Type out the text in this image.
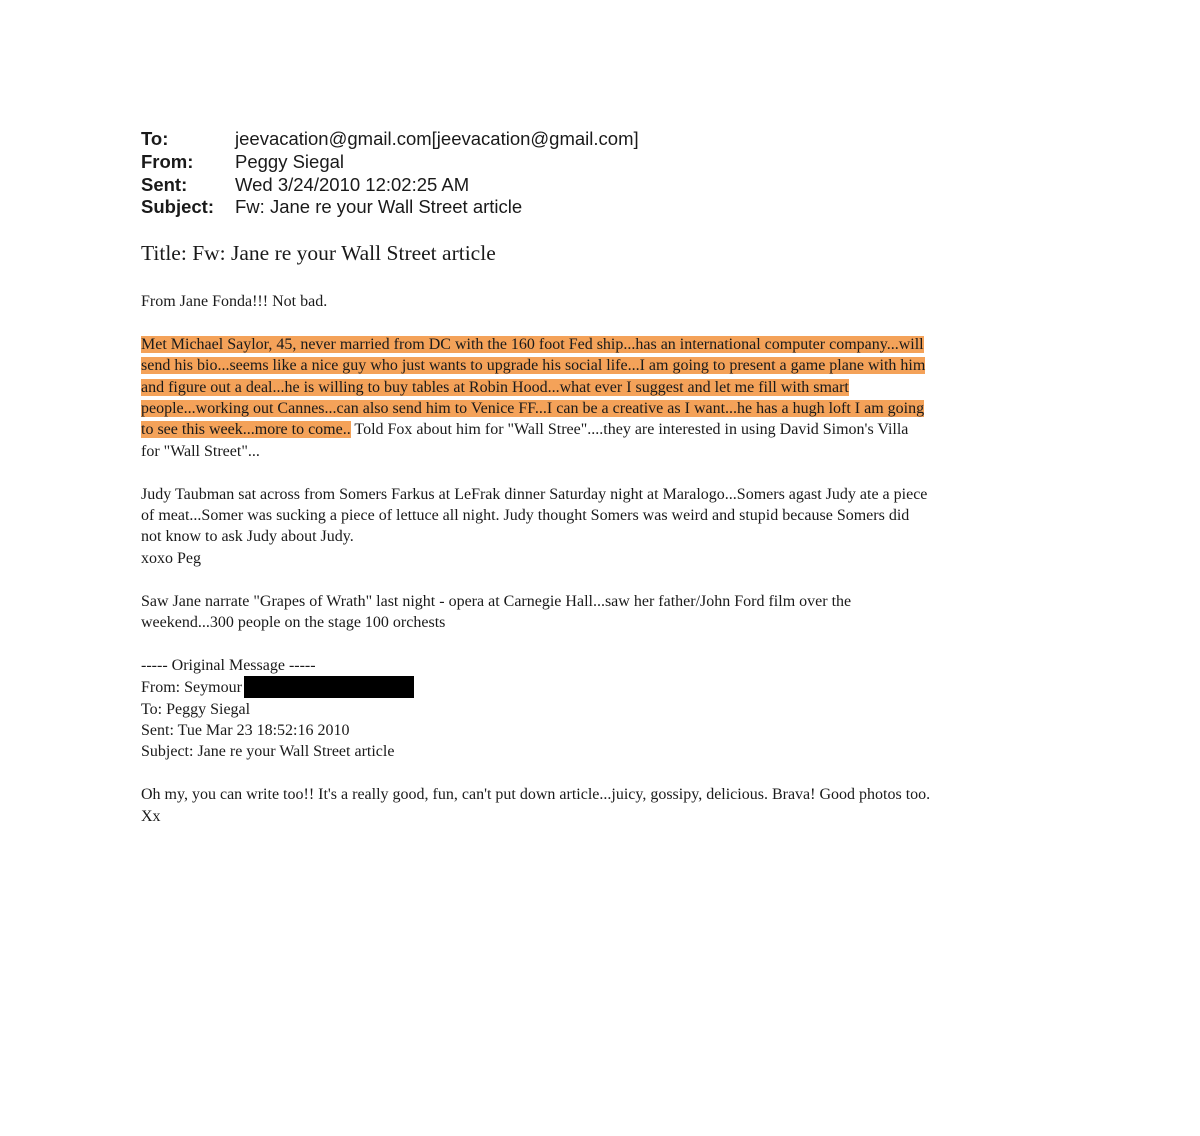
To:	jeevacation@gmail.com[jeevacation@gmail.com]
From:	Peggy Siegal
Sent:	Wed 3/24/2010 12:02:25 AM
Subject:	Fw: Jane re your Wall Street article
Title: Fw: Jane re your Wall Street article

From Jane Fonda!!! Not bad.

Met Michael Saylor, 45, never married from DC with the 160 foot Fed ship...has an international computer company...will
send his bio...seems like a nice guy who just wants to upgrade his social life...I am going to present a game plane with him
and figure out a deal...he is willing to buy tables at Robin Hood...what ever I suggest and let me fill with smart
people...working out Cannes...can also send him to Venice FF...I can be a creative as I want...he has a hugh loft I am going
to see this week...more to come.. Told Fox about him for "Wall Stree"....they are interested in using David Simon's Villa
for "Wall Street"...

Judy Taubman sat across from Somers Farkus at LeFrak dinner Saturday night at Maralogo...Somers agast Judy ate a piece
of meat...Somer was sucking a piece of lettuce all night. Judy thought Somers was weird and stupid because Somers did
not know to ask Judy about Judy.
xoxo Peg

Saw Jane narrate "Grapes of Wrath" last night - opera at Carnegie Hall...saw her father/John Ford film over the
weekend...300 people on the stage 100 orchests

----- Original Message -----
From: Seymour
To: Peggy Siegal
Sent: Tue Mar 23 18:52:16 2010
Subject: Jane re your Wall Street article

Oh my, you can write too!! It's a really good, fun, can't put down article...juicy, gossipy, delicious. Brava! Good photos too.
Xx
